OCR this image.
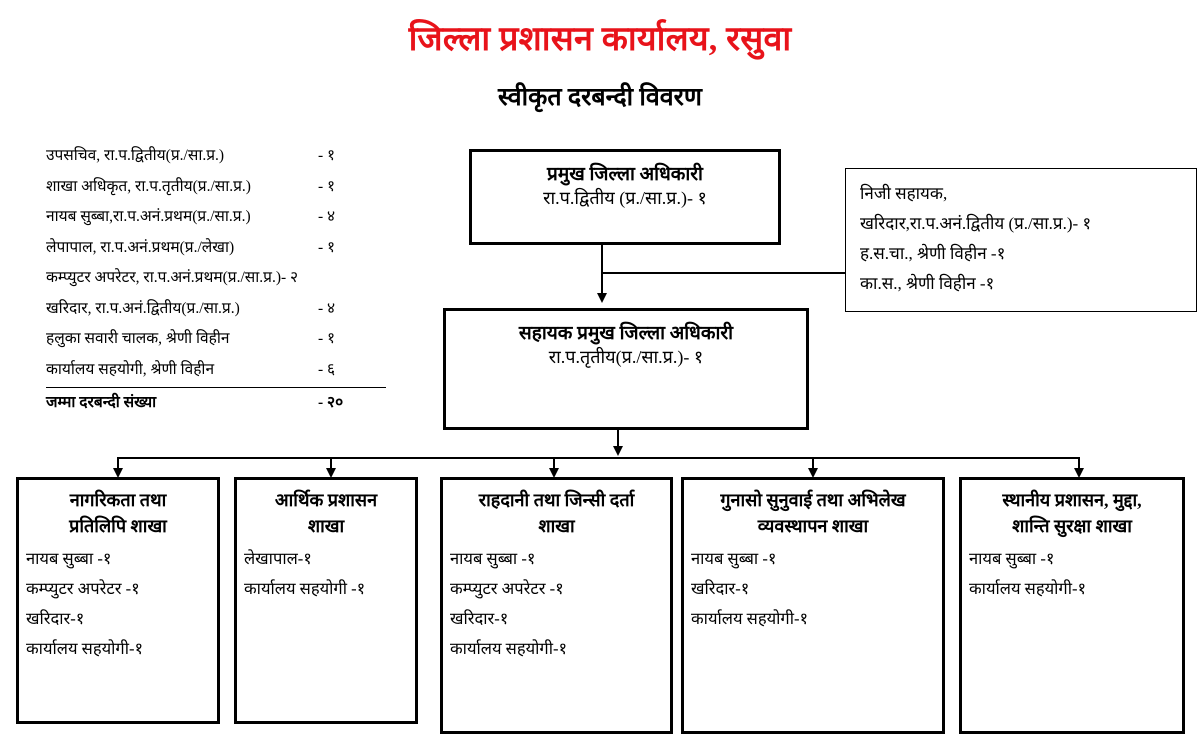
जिल्ला प्रशासन कार्यालय, रसुवा
स्वीकृत दरबन्दी विवरण
उपसचिव, रा.प.द्वितीय(प्र./सा.प्र.)	- १
शाखा अधिकृत, रा.प.तृतीय(प्र./सा.प्र.)	- १
नायब सुब्बा,रा.प.अनं.प्रथम(प्र./सा.प्र.)	- ४
लेपापाल, रा.प.अनं.प्रथम(प्र./लेखा)	- १
कम्प्युटर अपरेटर, रा.प.अनं.प्रथम(प्र./सा.प्र.)- २
खरिदार, रा.प.अनं.द्वितीय(प्र./सा.प्र.)	- ४
हलुका सवारी चालक, श्रेणी विहीन	- १
कार्यालय सहयोगी, श्रेणी विहीन	- ६
जम्मा दरबन्दी संख्या	- २०
प्रमुख जिल्ला अधिकारी
रा.प.द्वितीय (प्र./सा.प्र.)- १	निजी सहायक,
खरिदार,रा.प.अनं.द्वितीय (प्र./सा.प्र.)- १
ह.स.चा., श्रेणी विहीन -१
का.स., श्रेणी विहीन -१
सहायक प्रमुख जिल्ला अधिकारी
रा.प.तृतीय(प्र./सा.प्र.)- १
नागरिकता तथा
प्रतिलिपि शाखा
नायब सुब्बा -१
कम्प्युटर अपरेटर -१
खरिदार-१
कार्यालय सहयोगी-१
आर्थिक प्रशासन
शाखा
लेखापाल-१
कार्यालय सहयोगी -१
राहदानी तथा जिन्सी दर्ता
शाखा
नायब सुब्बा -१
कम्प्युटर अपरेटर -१
खरिदार-१
कार्यालय सहयोगी-१
गुनासो सुनुवाई तथा अभिलेख
व्यवस्थापन शाखा
नायब सुब्बा -१
खरिदार-१
कार्यालय सहयोगी-१
स्थानीय प्रशासन, मुद्दा,
शान्ति सुरक्षा शाखा
नायब सुब्बा -१
कार्यालय सहयोगी-१
